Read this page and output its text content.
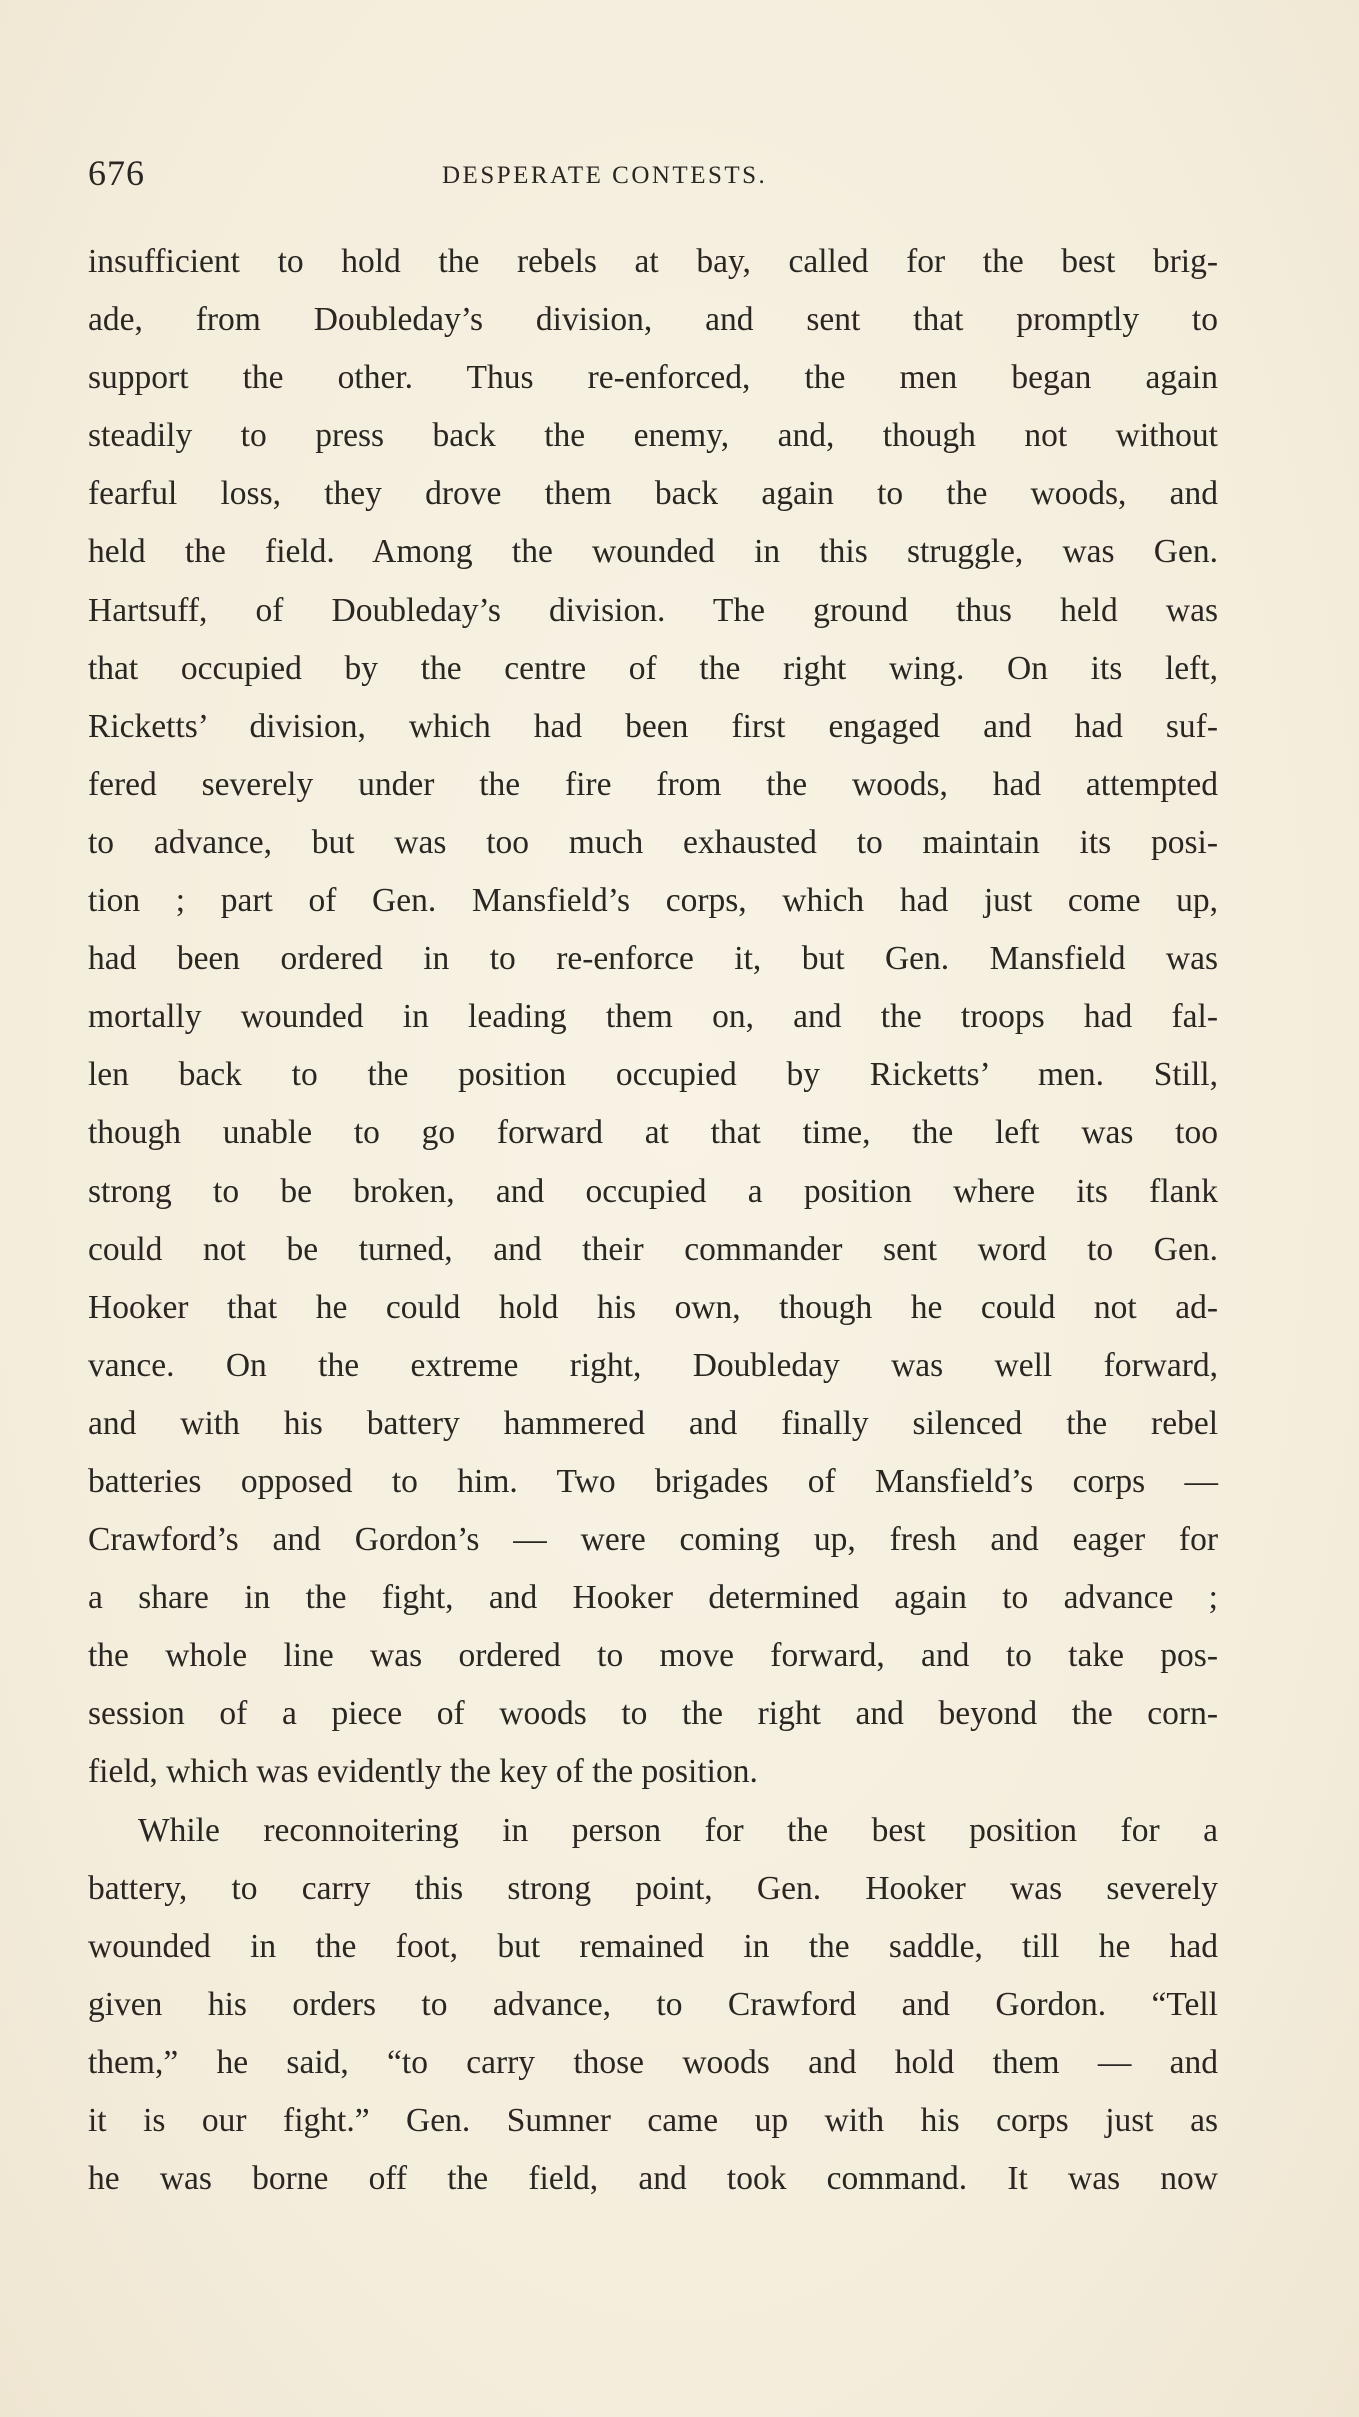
676	DESPERATE CONTESTS.
insufficient to hold the rebels at bay, called for the best brig-
ade, from Doubleday’s division, and sent that promptly to
support the other. Thus re-enforced, the men began again
steadily to press back the enemy, and, though not without
fearful loss, they drove them back again to the woods, and
held the field. Among the wounded in this struggle, was Gen.
Hartsuff, of Doubleday’s division. The ground thus held was
that occupied by the centre of the right wing. On its left,
Ricketts’ division, which had been first engaged and had suf-
fered severely under the fire from the woods, had attempted
to advance, but was too much exhausted to maintain its posi-
tion ; part of Gen. Mansfield’s corps, which had just come up,
had been ordered in to re-enforce it, but Gen. Mansfield was
mortally wounded in leading them on, and the troops had fal-
len back to the position occupied by Ricketts’ men. Still,
though unable to go forward at that time, the left was too
strong to be broken, and occupied a position where its flank
could not be turned, and their commander sent word to Gen.
Hooker that he could hold his own, though he could not ad-
vance. On the extreme right, Doubleday was well forward,
and with his battery hammered and finally silenced the rebel
batteries opposed to him. Two brigades of Mansfield’s corps —
Crawford’s and Gordon’s — were coming up, fresh and eager for
a share in the fight, and Hooker determined again to advance ;
the whole line was ordered to move forward, and to take pos-
session of a piece of woods to the right and beyond the corn-
field, which was evidently the key of the position.
While reconnoitering in person for the best position for a
battery, to carry this strong point, Gen. Hooker was severely
wounded in the foot, but remained in the saddle, till he had
given his orders to advance, to Crawford and Gordon. “Tell
them,” he said, “to carry those woods and hold them — and
it is our fight.” Gen. Sumner came up with his corps just as
he was borne off the field, and took command. It was now
